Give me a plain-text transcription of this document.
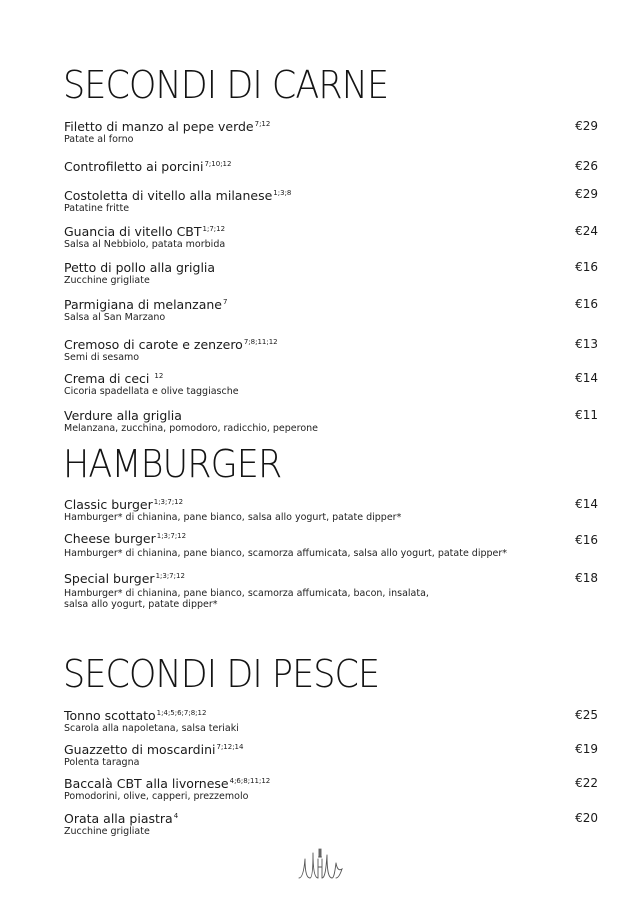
SECONDI DI CARNE
Filetto di manzo al pepe verde$^{7;12}$
Patate al forno
€29
Controfiletto ai porcini$^{7;10;12}$	€26
Costoletta di vitello alla milanese$^{1;3;8}$
Patatine fritte
€29
Guancia di vitello CBT$^{1;7;12}$
Salsa al Nebbiolo, patata morbida
€24
Petto di pollo alla griglia
Zucchine grigliate
€16
Parmigiana di melanzane$^7$
Salsa al San Marzano
€16
Cremoso di carote e zenzero$^{7;8;11;12}$
Semi di sesamo
€13
Crema di ceci $^{12}$
Cicoria spadellata e olive taggiasche
€14
Verdure alla griglia
Melanzana, zucchina, pomodoro, radicchio, peperone
€11
HAMBURGER
Classic burger$^{1;3;7;12}$
Hamburger* di chianina, pane bianco, salsa allo yogurt, patate dipper*
€14
Cheese burger$^{1;3;7;12}$
Hamburger* di chianina, pane bianco, scamorza affumicata, salsa allo yogurt, patate dipper*
€16
Special burger$^{1;3;7;12}$
Hamburger* di chianina, pane bianco, scamorza affumicata, bacon, insalata,
salsa allo yogurt, patate dipper*
€18
SECONDI DI PESCE
Tonno scottato$^{1;4;5;6;7;8;12}$
Scarola alla napoletana, salsa teriaki
€25
Guazzetto di moscardini$^{7;12;14}$
Polenta taragna
€19
Baccalà CBT alla livornese$^{4;6;8;11;12}$
Pomodorini, olive, capperi, prezzemolo
€22
Orata alla piastra$^4$
Zucchine grigliate
€20
